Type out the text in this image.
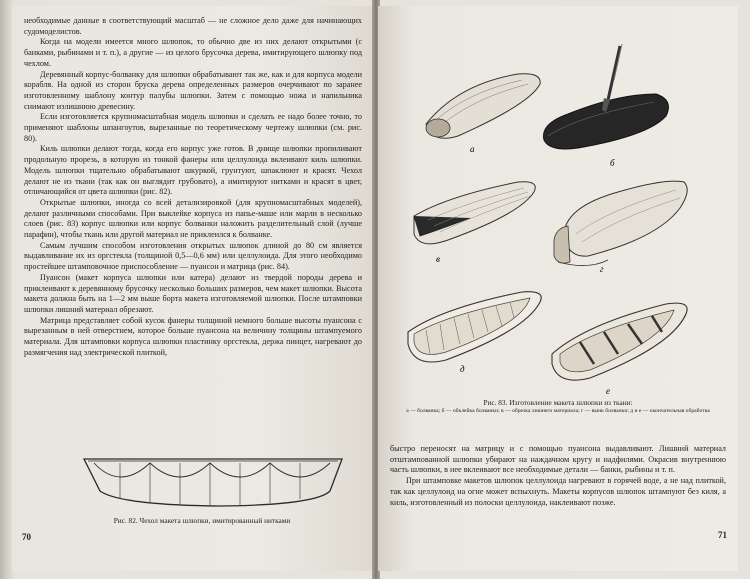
необходимые данные в соответствующий масштаб — не сложное дело даже для начинающих судомоделистов.

Когда на модели имеется много шлюпок, то обычно две из них делают открытыми (с банками, рыбинами и т. п.), а другие — из целого брусочка дерева, имитирующего шлюпку под чехлом.

Деревянный корпус-болванку для шлюпки обрабатывают так же, как и для корпуса модели корабля. На одной из сторон бруска дерева определенных размеров очерчивают по заранее изготовленному шаблону контур палубы шлюпки. Затем с помощью ножа и напильника снимают излишнюю древесину.

Если изготовляется крупномасштабная модель шлюпки и сделать ее надо более точно, то применяют шаблоны шпангоутов, вырезанные по теоретическому чертежу шлюпки (см. рис. 80).

Киль шлюпки делают тогда, когда его корпус уже готов. В днище шлюпки пропиливают продольную прорезь, в которую из тонкой фанеры или целлулоида вклеивают киль шлюпки. Модель шлюпки тщательно обрабатывают шкуркой, грунтуют, шпаклюют и красят. Чехол делают не из ткани (так как он выглядит грубовато), а имитируют нитками и красят в цвет, отличающийся от цвета шлюпки (рис. 82).

Открытые шлюпки, иногда со всей детализировкой (для крупномасштабных моделей), делают различными способами. При выклейке корпуса из папье-маше или марли в несколько слоев (рис. 83) корпус шлюпки или корпус болванки наложить разделительный слой (лучше парафин), чтобы ткань или другой материал не приклеился к болванке.

Самым лучшим способом изготовления открытых шлюпок длиной до 80 см является выдавливание их из оргстекла (толщиной 0,5—0,6 мм) или целлулоида. Для этого необходимо простейшее штамповочное приспособление — пуансон и матрица (рис. 84).

Пуансон (макет корпуса шлюпки или катера) делают из твердой породы дерева и приклеивают к деревянному брусочку несколько больших размеров, чем макет шлюпки. Высота макета должна быть на 1—2 мм выше борта макета изготовляемой шлюпки. После штамповки шлюпки лишний материал обрезают.

Матрица представляет собой кусок фанеры толщиной немного больше высоты пуансона с вырезанным в ней отверстием, которое больше пуансона на величину толщины штампуемого материала. Для штамповки корпуса шлюпки пластинку оргстекла, держа пинцет, нагревают до размягчения над электрической плиткой,

Рис. 82. Чехол макета шлюпки, имитированный нитками
70
а
б
в
г
д
е
Рис. 83. Изготовление макета шлюпки из ткани:
а — болванка; б — обклейка болванки; в — обрезка лишнего материала; г — вынк болванки; д и е — окончательная обработка

быстро переносят на матрицу и с помощью пуансона выдавливают. Лишний материал отштампованной шлюпки убирают на наждачном кругу и надфилями. Окрасив внутреннюю часть шлюпки, в нее вклеивают все необходимые детали — банки, рыбины и т. п.

При штамповке макетов шлюпок целлулоида нагревают в горячей воде, а не над плиткой, так как целлулоид на огне может вспыхнуть. Макеты корпусов шлюпок штампуют без киля, а киль, изготовленный из полоски целлулоида, наклеивают позже.

71
